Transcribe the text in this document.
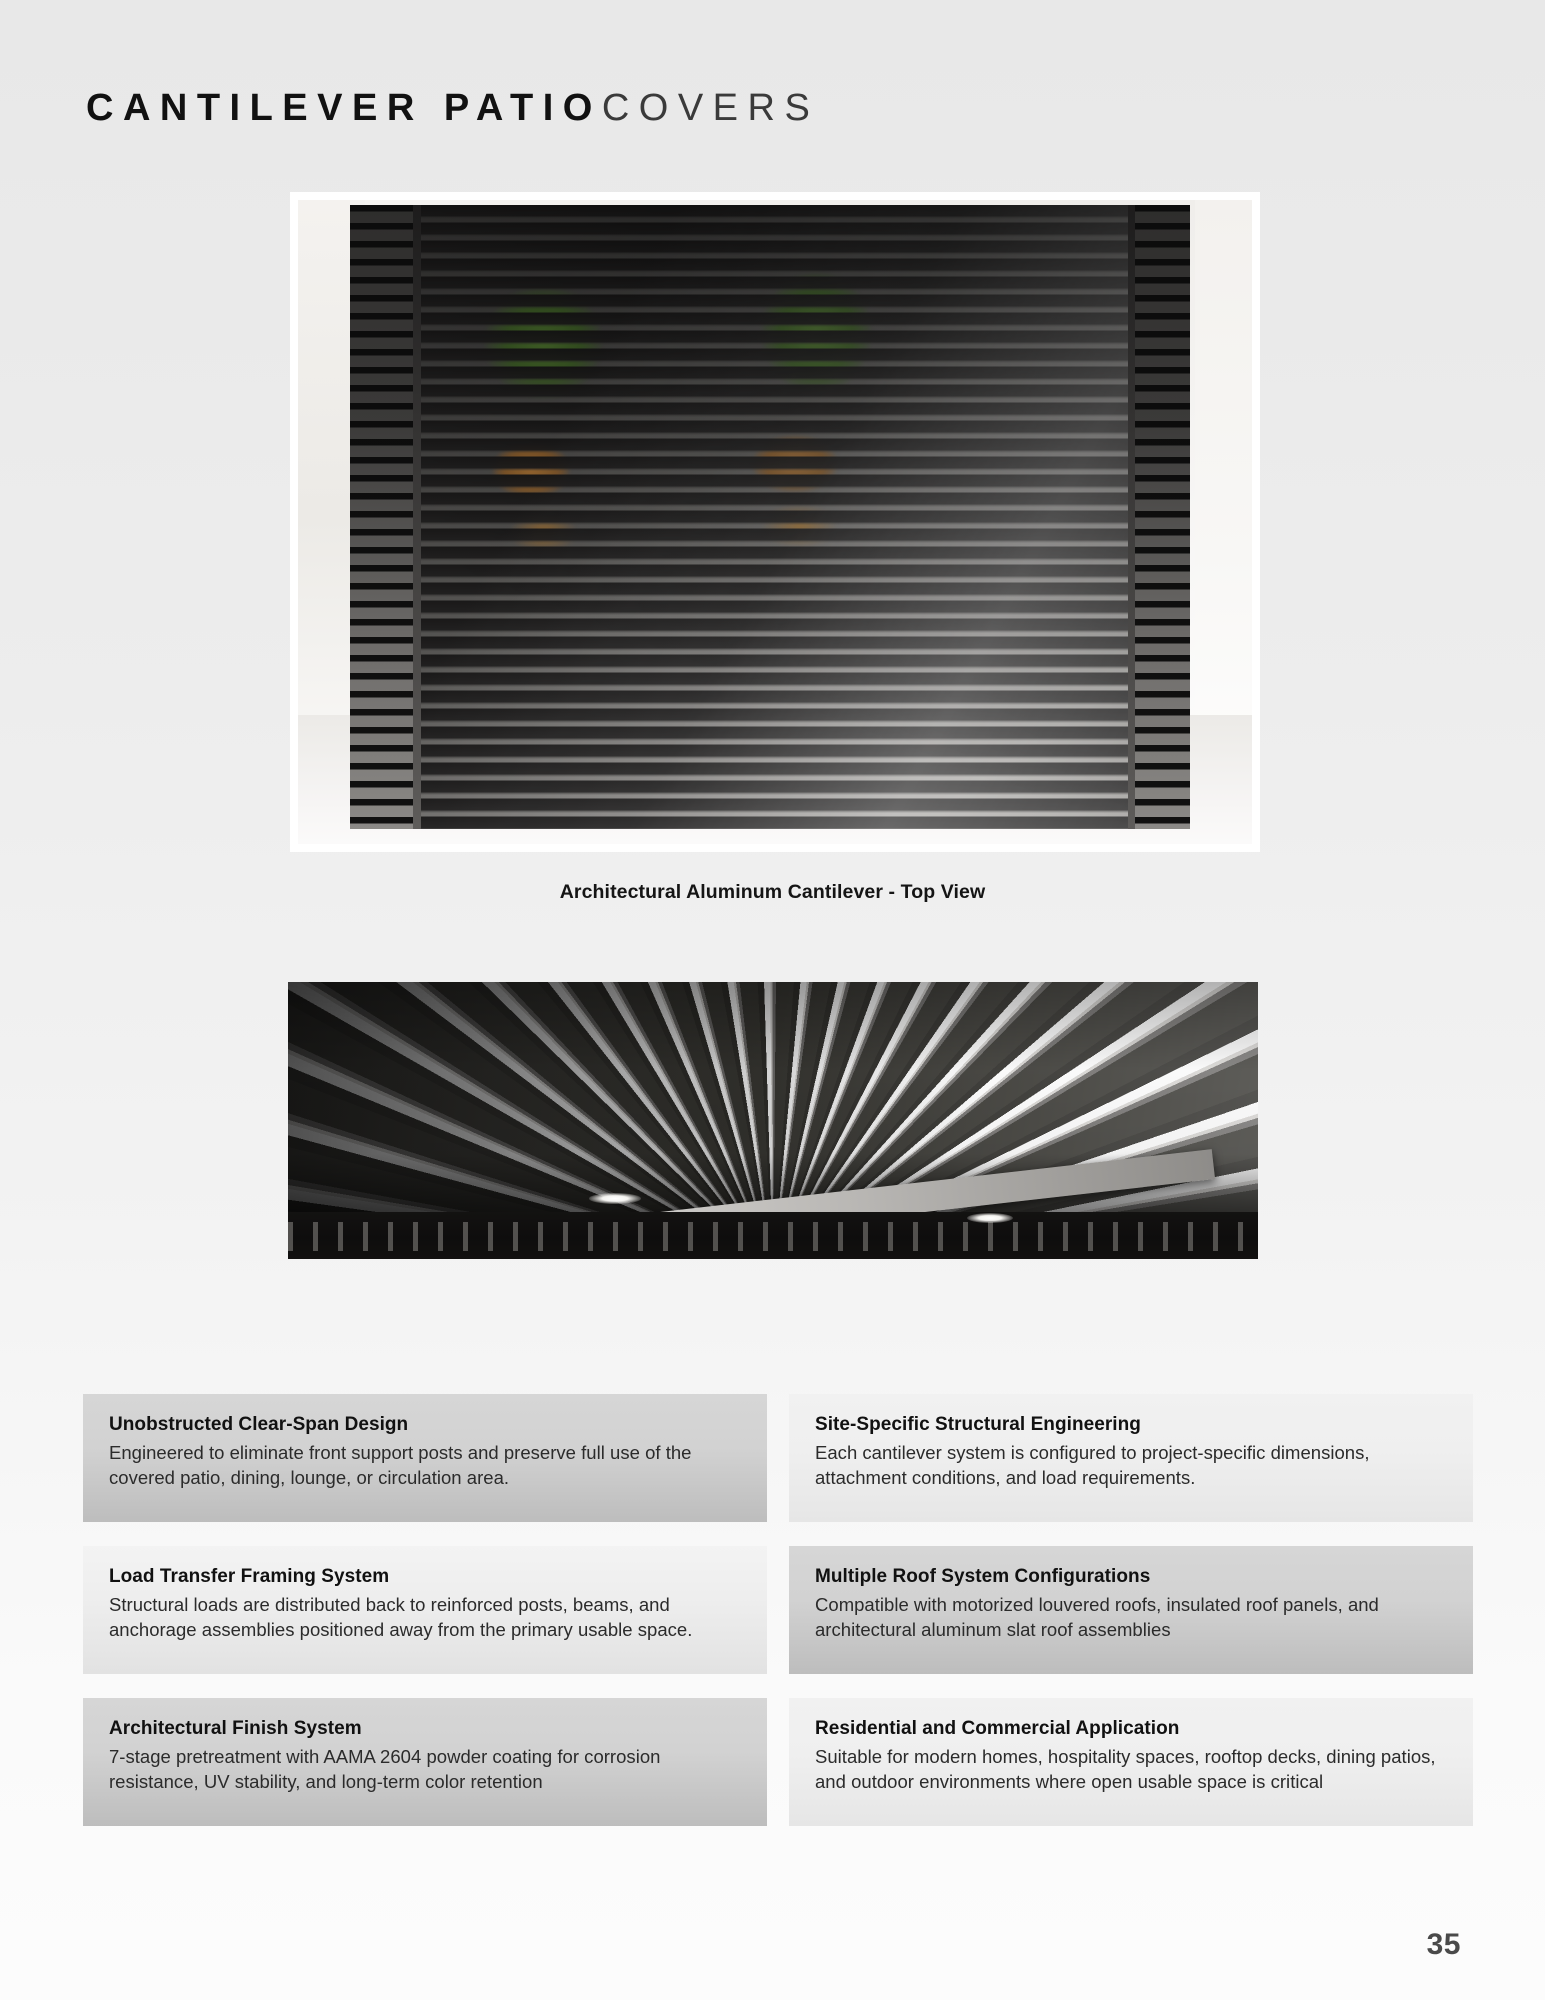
CANTILEVER PATIOCOVERS
Architectural Aluminum Cantilever - Top View
Unobstructed Clear-Span Design
Engineered to eliminate front support posts and preserve full use of the covered patio, dining, lounge, or circulation area.
Site-Specific Structural Engineering
Each cantilever system is configured to project-specific dimensions, attachment conditions, and load requirements.
Load Transfer Framing System
Structural loads are distributed back to reinforced posts, beams, and anchorage assemblies positioned away from the primary usable space.
Multiple Roof System Configurations
Compatible with motorized louvered roofs, insulated roof panels, and architectural aluminum slat roof assemblies
Architectural Finish System
7-stage pretreatment with AAMA 2604 powder coating for corrosion resistance, UV stability, and long-term color retention
Residential and Commercial Application
Suitable for modern homes, hospitality spaces, rooftop decks, dining patios, and outdoor environments where open usable space is critical
35
